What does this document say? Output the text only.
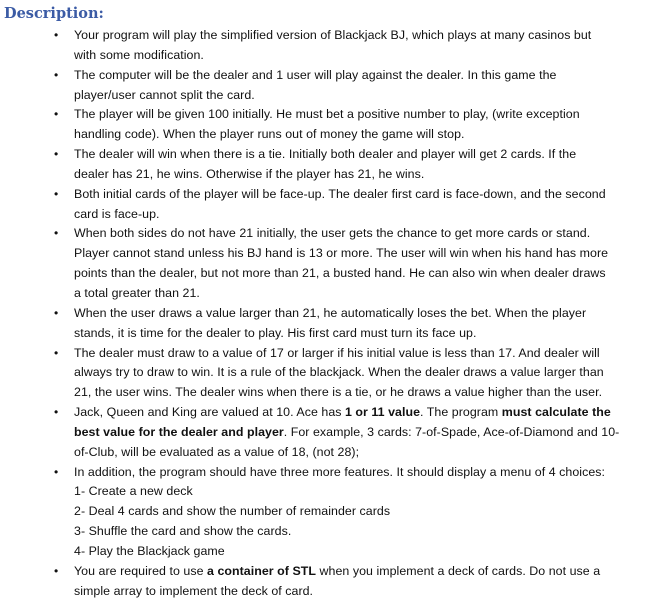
Description:
• Your program will play the simplified version of Blackjack BJ, which plays at many casinos but
with some modification.
• The computer will be the dealer and 1 user will play against the dealer. In this game the
player/user cannot split the card.
• The player will be given 100 initially. He must bet a positive number to play, (write exception
handling code). When the player runs out of money the game will stop.
• The dealer will win when there is a tie. Initially both dealer and player will get 2 cards. If the
dealer has 21, he wins. Otherwise if the player has 21, he wins.
• Both initial cards of the player will be face-up. The dealer first card is face-down, and the second
card is face-up.
• When both sides do not have 21 initially, the user gets the chance to get more cards or stand.
Player cannot stand unless his BJ hand is 13 or more. The user will win when his hand has more
points than the dealer, but not more than 21, a busted hand. He can also win when dealer draws
a total greater than 21.
• When the user draws a value larger than 21, he automatically loses the bet. When the player
stands, it is time for the dealer to play. His first card must turn its face up.
• The dealer must draw to a value of 17 or larger if his initial value is less than 17. And dealer will
always try to draw to win. It is a rule of the blackjack. When the dealer draws a value larger than
21, the user wins. The dealer wins when there is a tie, or he draws a value higher than the user.
• Jack, Queen and King are valued at 10. Ace has 1 or 11 value. The program must calculate the
best value for the dealer and player. For example, 3 cards: 7-of-Spade, Ace-of-Diamond and 10-
of-Club, will be evaluated as a value of 18, (not 28);
• In addition, the program should have three more features. It should display a menu of 4 choices:
1- Create a new deck
2- Deal 4 cards and show the number of remainder cards
3- Shuffle the card and show the cards.
4- Play the Blackjack game
• You are required to use a container of STL when you implement a deck of cards. Do not use a
simple array to implement the deck of card.
